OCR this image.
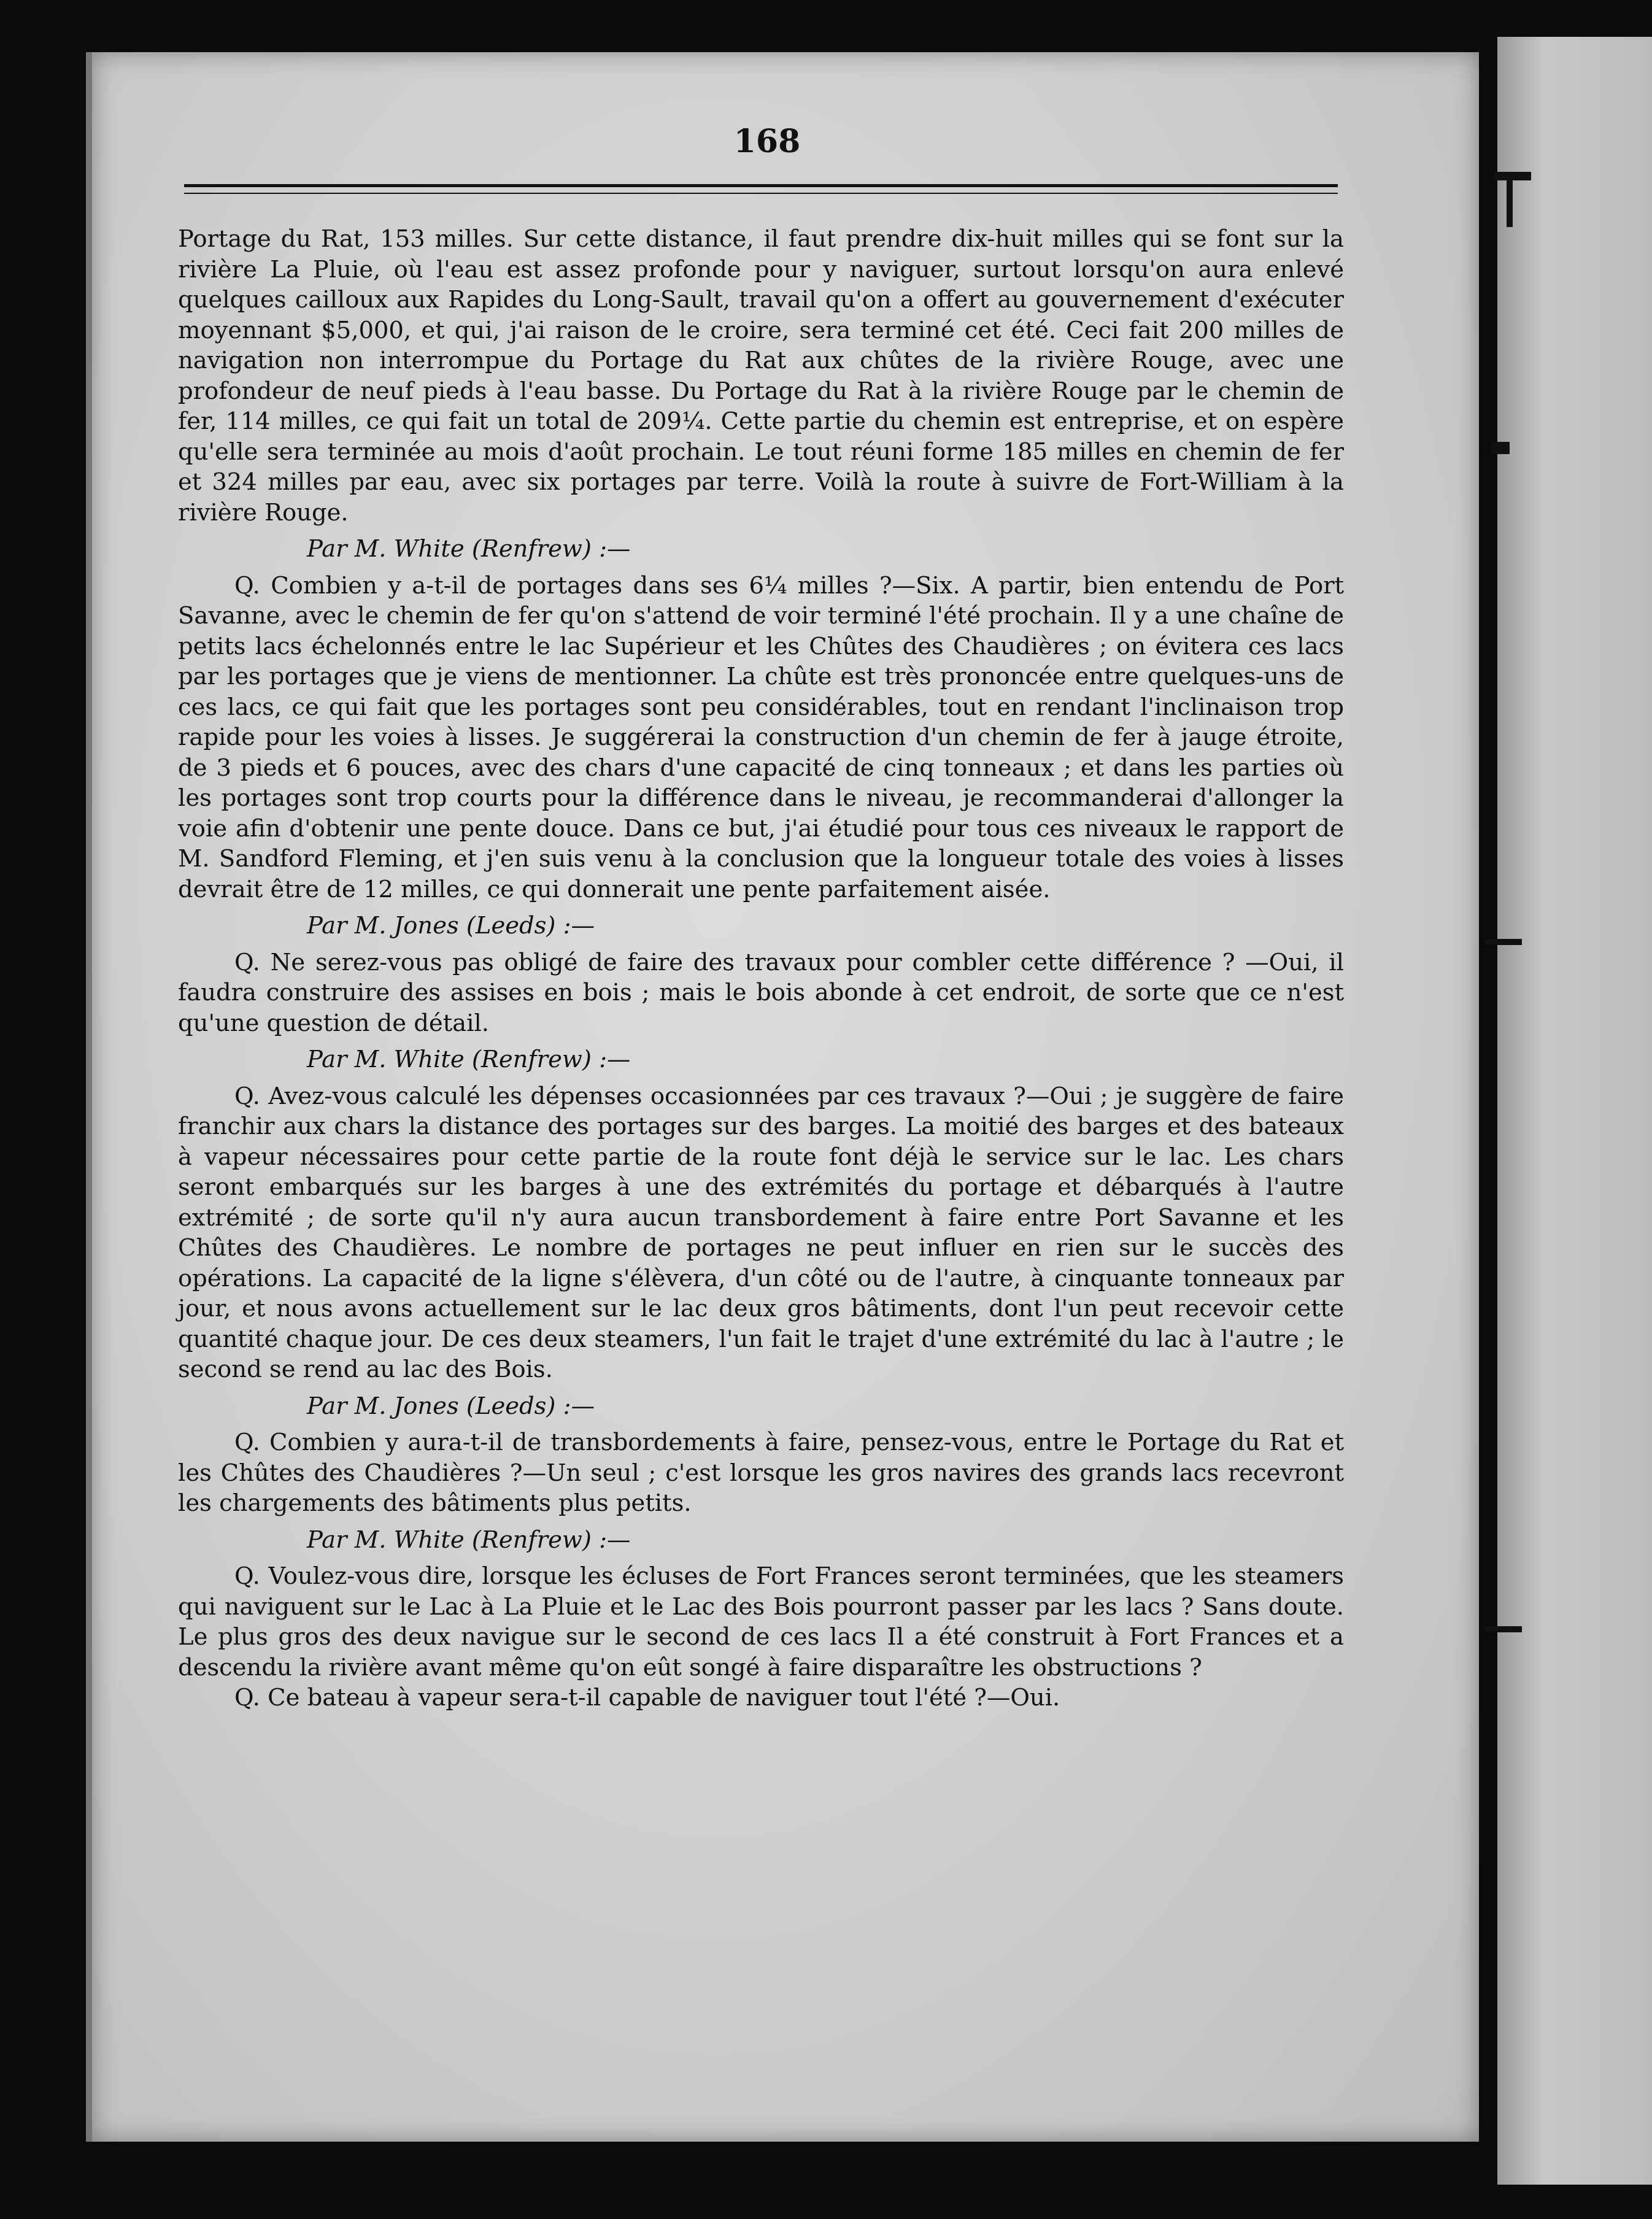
168

Portage du Rat, 153 milles. Sur cette distance, il faut prendre dix-huit milles qui se font sur la rivière La Pluie, où l'eau est assez profonde pour y naviguer, surtout lorsqu'on aura enlevé quelques cailloux aux Rapides du Long-Sault, travail qu'on a offert au gouvernement d'exécuter moyennant $5,000, et qui, j'ai raison de le croire, sera terminé cet été. Ceci fait 200 milles de navigation non interrompue du Portage du Rat aux chûtes de la rivière Rouge, avec une profondeur de neuf pieds à l'eau basse. Du Portage du Rat à la rivière Rouge par le chemin de fer, 114 milles, ce qui fait un total de 209¼. Cette partie du chemin est entreprise, et on espère qu'elle sera terminée au mois d'août prochain. Le tout réuni forme 185 milles en chemin de fer et 324 milles par eau, avec six portages par terre. Voilà la route à suivre de Fort-William à la rivière Rouge.

Par M. White (Renfrew) :—

Q. Combien y a-t-il de portages dans ses 6¼ milles ?—Six. A partir, bien entendu de Port Savanne, avec le chemin de fer qu'on s'attend de voir terminé l'été prochain. Il y a une chaîne de petits lacs échelonnés entre le lac Supérieur et les Chûtes des Chaudières ; on évitera ces lacs par les portages que je viens de mentionner. La chûte est très prononcée entre quelques-uns de ces lacs, ce qui fait que les portages sont peu considérables, tout en rendant l'inclinaison trop rapide pour les voies à lisses. Je suggérerai la construction d'un chemin de fer à jauge étroite, de 3 pieds et 6 pouces, avec des chars d'une capacité de cinq tonneaux ; et dans les parties où les portages sont trop courts pour la différence dans le niveau, je recommanderai d'allonger la voie afin d'obtenir une pente douce. Dans ce but, j'ai étudié pour tous ces niveaux le rapport de M. Sandford Fleming, et j'en suis venu à la conclusion que la longueur totale des voies à lisses devrait être de 12 milles, ce qui donnerait une pente parfaitement aisée.

Par M. Jones (Leeds) :—

Q. Ne serez-vous pas obligé de faire des travaux pour combler cette différence ? —Oui, il faudra construire des assises en bois ; mais le bois abonde à cet endroit, de sorte que ce n'est qu'une question de détail.

Par M. White (Renfrew) :—

Q. Avez-vous calculé les dépenses occasionnées par ces travaux ?—Oui ; je suggère de faire franchir aux chars la distance des portages sur des barges. La moitié des barges et des bateaux à vapeur nécessaires pour cette partie de la route font déjà le service sur le lac. Les chars seront embarqués sur les barges à une des extrémités du portage et débarqués à l'autre extrémité ; de sorte qu'il n'y aura aucun transbordement à faire entre Port Savanne et les Chûtes des Chaudières. Le nombre de portages ne peut influer en rien sur le succès des opérations. La capacité de la ligne s'élèvera, d'un côté ou de l'autre, à cinquante tonneaux par jour, et nous avons actuellement sur le lac deux gros bâtiments, dont l'un peut recevoir cette quantité chaque jour. De ces deux steamers, l'un fait le trajet d'une extrémité du lac à l'autre ; le second se rend au lac des Bois.

Par M. Jones (Leeds) :—

Q. Combien y aura-t-il de transbordements à faire, pensez-vous, entre le Portage du Rat et les Chûtes des Chaudières ?—Un seul ; c'est lorsque les gros navires des grands lacs recevront les chargements des bâtiments plus petits.

Par M. White (Renfrew) :—

Q. Voulez-vous dire, lorsque les écluses de Fort Frances seront terminées, que les steamers qui naviguent sur le Lac à La Pluie et le Lac des Bois pourront passer par les lacs ? Sans doute. Le plus gros des deux navigue sur le second de ces lacs Il a été construit à Fort Frances et a descendu la rivière avant même qu'on eût songé à faire disparaître les obstructions ?

Q. Ce bateau à vapeur sera-t-il capable de naviguer tout l'été ?—Oui.
